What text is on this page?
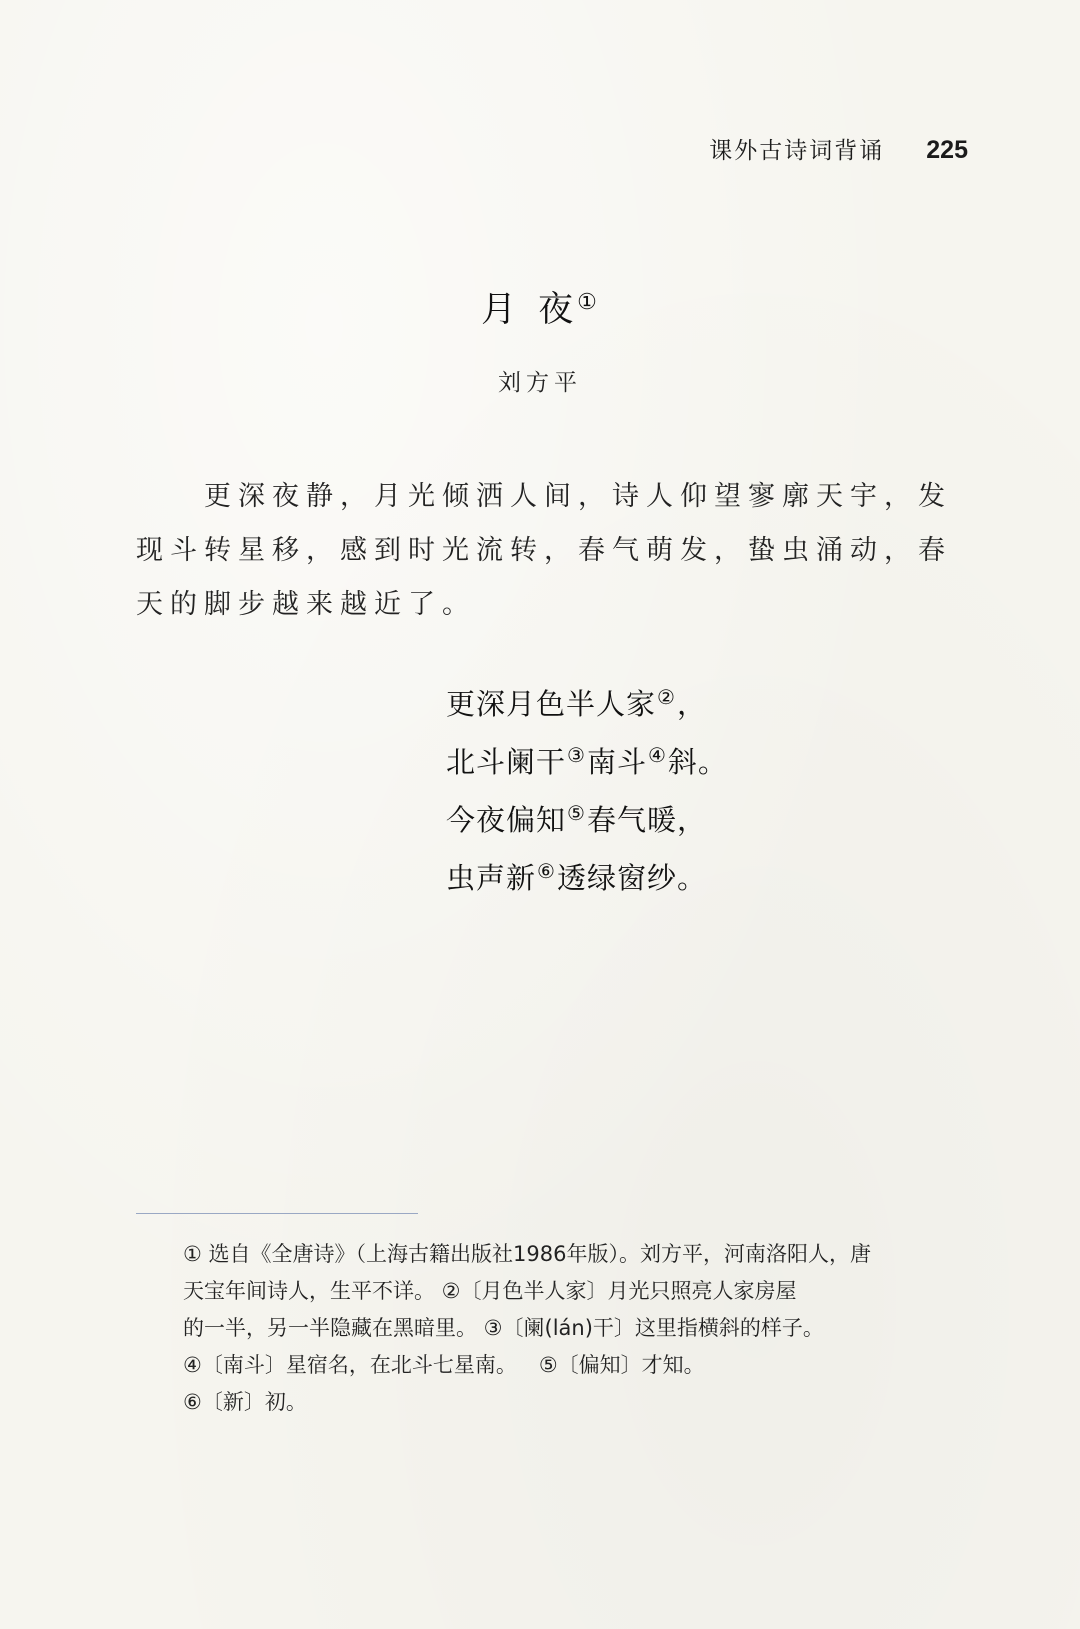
课外古诗词背诵 225
月 夜①
刘方平

更深夜静，月光倾洒人间，诗人仰望寥廓天宇，发现斗转星移，感到时光流转，春气萌发，蛰虫涌动，春天的脚步越来越近了。

更深月色半人家②，
北斗阑干③南斗④斜。
今夜偏知⑤春气暖，
虫声新⑥透绿窗纱。
① 选自《全唐诗》（上海古籍出版社1986年版）。刘方平，河南洛阳人，唐
天宝年间诗人，生平不详。 ②〔月色半人家〕月光只照亮人家房屋
的一半，另一半隐藏在黑暗里。 ③〔阑(lán)干〕这里指横斜的样子。
④〔南斗〕星宿名，在北斗七星南。 ⑤〔偏知〕才知。
⑥〔新〕初。
